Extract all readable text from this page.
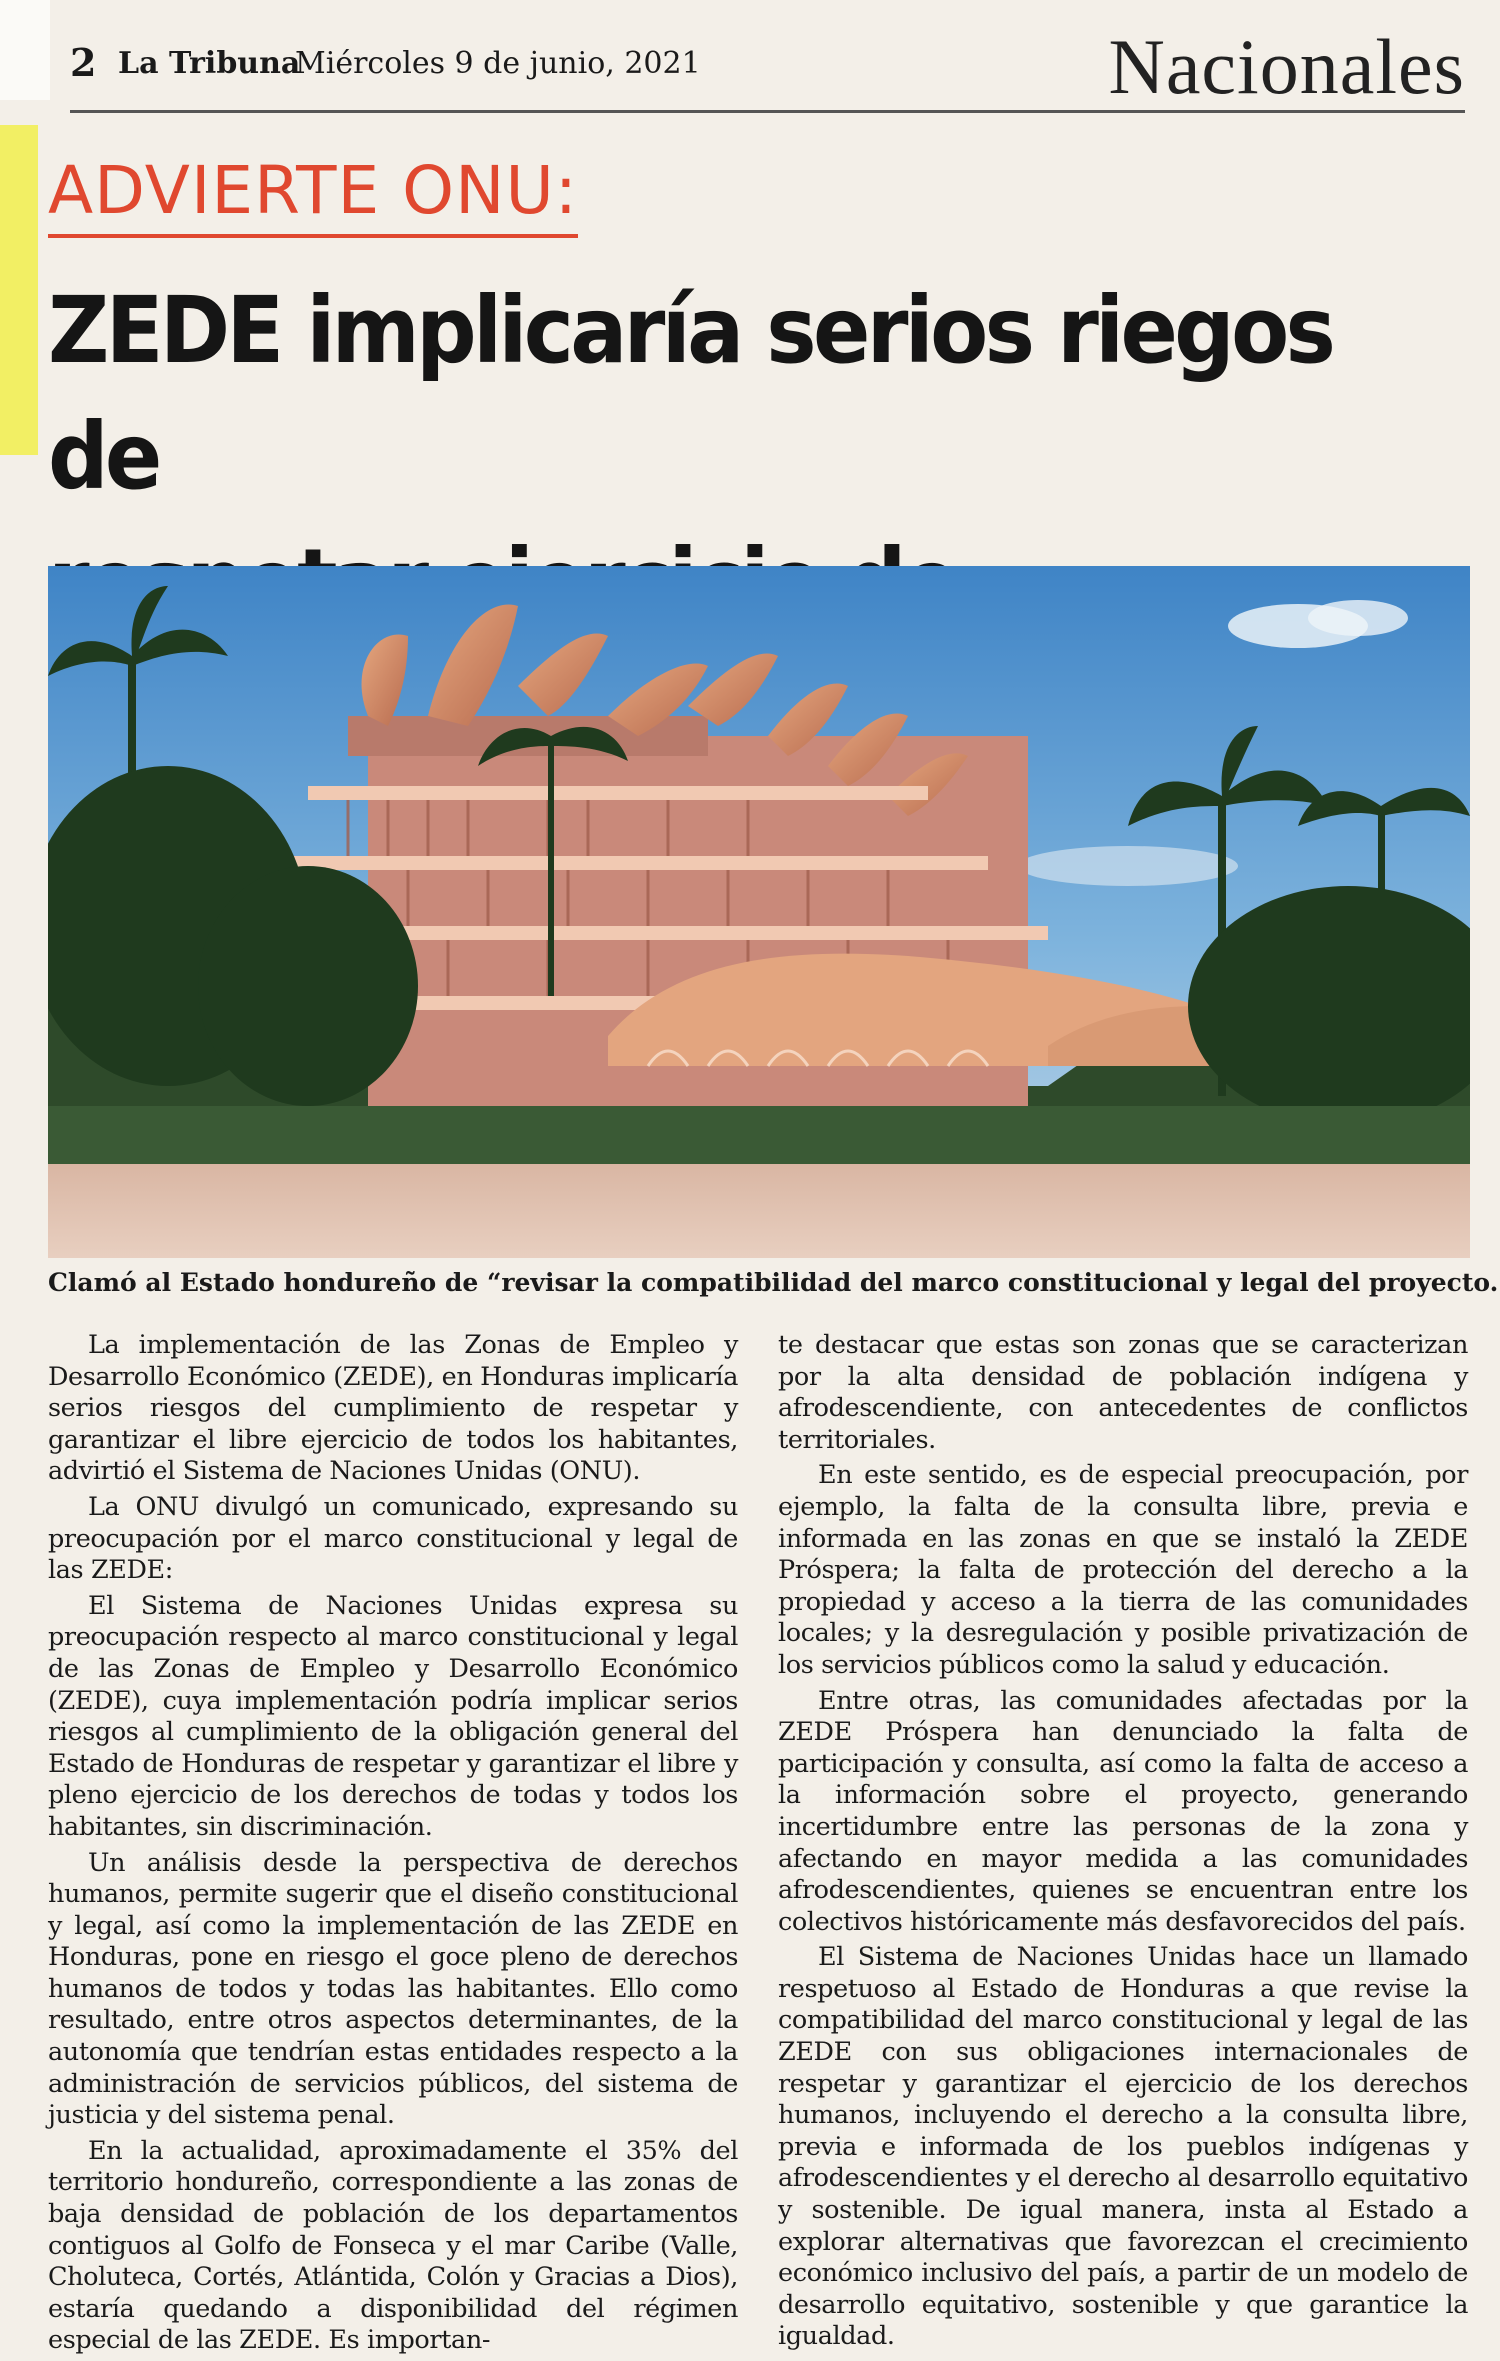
2 La Tribuna
Miércoles 9 de junio, 2021	Nacionales
ADVIERTE ONU:
ZEDE implicaría serios riegos de
Clamó al Estado hondureño de “revisar la compatibilidad del marco constitucional y legal del proyecto.

La implementación de las Zonas de Empleo y Desarrollo Económico (ZEDE), en Honduras implicaría serios riesgos del cumplimiento de respetar y garantizar el libre ejercicio de todos los habitantes, advirtió el Sistema de Naciones Unidas (ONU).

La ONU divulgó un comunicado, expresando su preocupación por el marco constitucional y legal de las ZEDE:

El Sistema de Naciones Unidas expresa su preocupación respecto al marco constitucional y legal de las Zonas de Empleo y Desarrollo Económico (ZEDE), cuya implementación podría implicar serios riesgos al cumplimiento de la obligación general del Estado de Honduras de respetar y garantizar el libre y pleno ejercicio de los derechos de todas y todos los habitantes, sin discriminación.

Un análisis desde la perspectiva de derechos humanos, permite sugerir que el diseño constitucional y legal, así como la implementación de las ZEDE en Honduras, pone en riesgo el goce pleno de derechos humanos de todos y todas las habitantes. Ello como resultado, entre otros aspectos determinantes, de la autonomía que tendrían estas entidades respecto a la administración de servicios públicos, del sistema de justicia y del sistema penal.

En la actualidad, aproximadamente el 35% del territorio hondureño, correspondiente a las zonas de baja densidad de población de los departamentos contiguos al Golfo de Fonseca y el mar Caribe (Valle, Choluteca, Cortés, Atlántida, Colón y Gracias a Dios), estaría quedando a disponibilidad del régimen especial de las ZEDE. Es importan-

te destacar que estas son zonas que se caracterizan por la alta densidad de población indígena y afrodescendiente, con antecedentes de conflictos territoriales.

En este sentido, es de especial preocupación, por ejemplo, la falta de la consulta libre, previa e informada en las zonas en que se instaló la ZEDE Próspera; la falta de protección del derecho a la propiedad y acceso a la tierra de las comunidades locales; y la desregulación y posible privatización de los servicios públicos como la salud y educación.

Entre otras, las comunidades afectadas por la ZEDE Próspera han denunciado la falta de participación y consulta, así como la falta de acceso a la información sobre el proyecto, generando incertidumbre entre las personas de la zona y afectando en mayor medida a las comunidades afrodescendientes, quienes se encuentran entre los colectivos históricamente más desfavorecidos del país.

El Sistema de Naciones Unidas hace un llamado respetuoso al Estado de Honduras a que revise la compatibilidad del marco constitucional y legal de las ZEDE con sus obligaciones internacionales de respetar y garantizar el ejercicio de los derechos humanos, incluyendo el derecho a la consulta libre, previa e informada de los pueblos indígenas y afrodescendientes y el derecho al desarrollo equitativo y sostenible. De igual manera, insta al Estado a explorar alternativas que favorezcan el crecimiento económico inclusivo del país, a partir de un modelo de desarrollo equitativo, sostenible y que garantice la igualdad.
